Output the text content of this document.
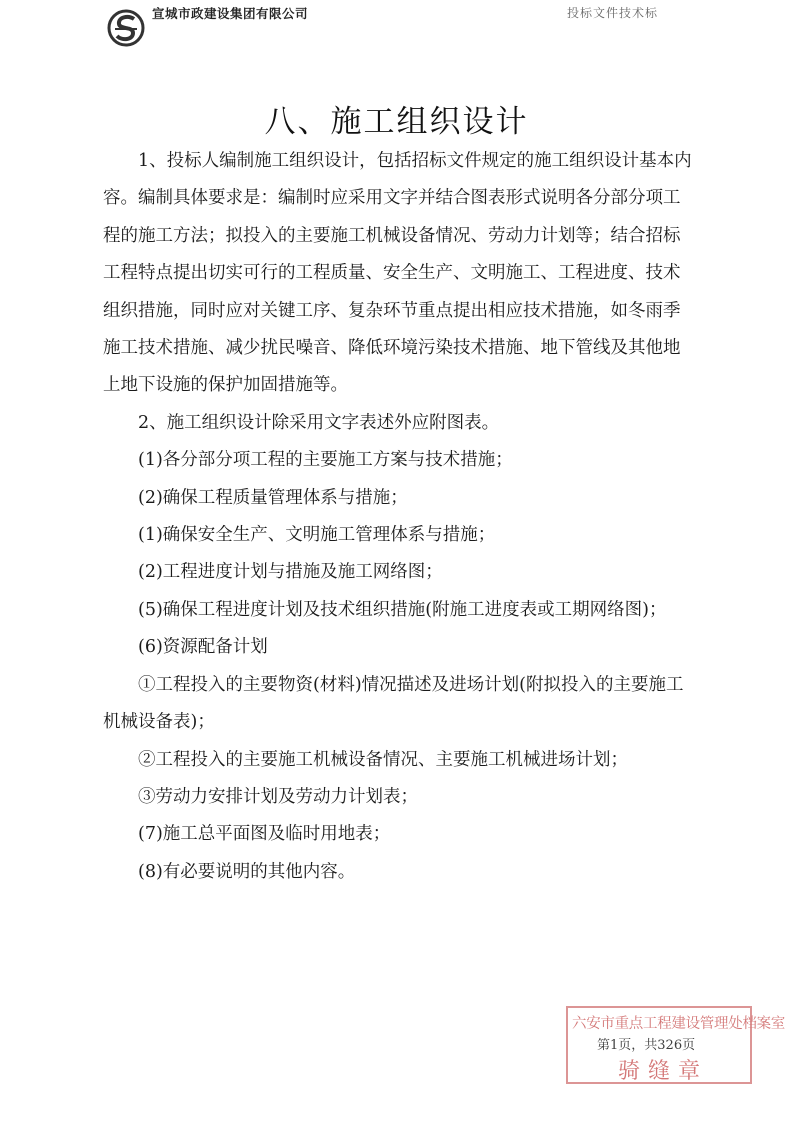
宣城市政建设集团有限公司	投标文件技术标
八、施工组织设计

1、投标人编制施工组织设计，包括招标文件规定的施工组织设计基本内容。编制具体要求是：编制时应采用文字并结合图表形式说明各分部分项工程的施工方法；拟投入的主要施工机械设备情况、劳动力计划等；结合招标工程特点提出切实可行的工程质量、安全生产、文明施工、工程进度、技术组织措施，同时应对关键工序、复杂环节重点提出相应技术措施，如冬雨季施工技术措施、减少扰民噪音、降低环境污染技术措施、地下管线及其他地上地下设施的保护加固措施等。

2、施工组织设计除采用文字表述外应附图表。

(1)各分部分项工程的主要施工方案与技术措施；

(2)确保工程质量管理体系与措施；

(1)确保安全生产、文明施工管理体系与措施；

(2)工程进度计划与措施及施工网络图；

(5)确保工程进度计划及技术组织措施(附施工进度表或工期网络图)；

(6)资源配备计划

①工程投入的主要物资(材料)情况描述及进场计划(附拟投入的主要施工机械设备表)；

②工程投入的主要施工机械设备情况、主要施工机械进场计划；

③劳动力安排计划及劳动力计划表；

(7)施工总平面图及临时用地表；

(8)有必要说明的其他内容。

六安市重点工程建设管理处档案室
第1页，共326页
骑缝章
